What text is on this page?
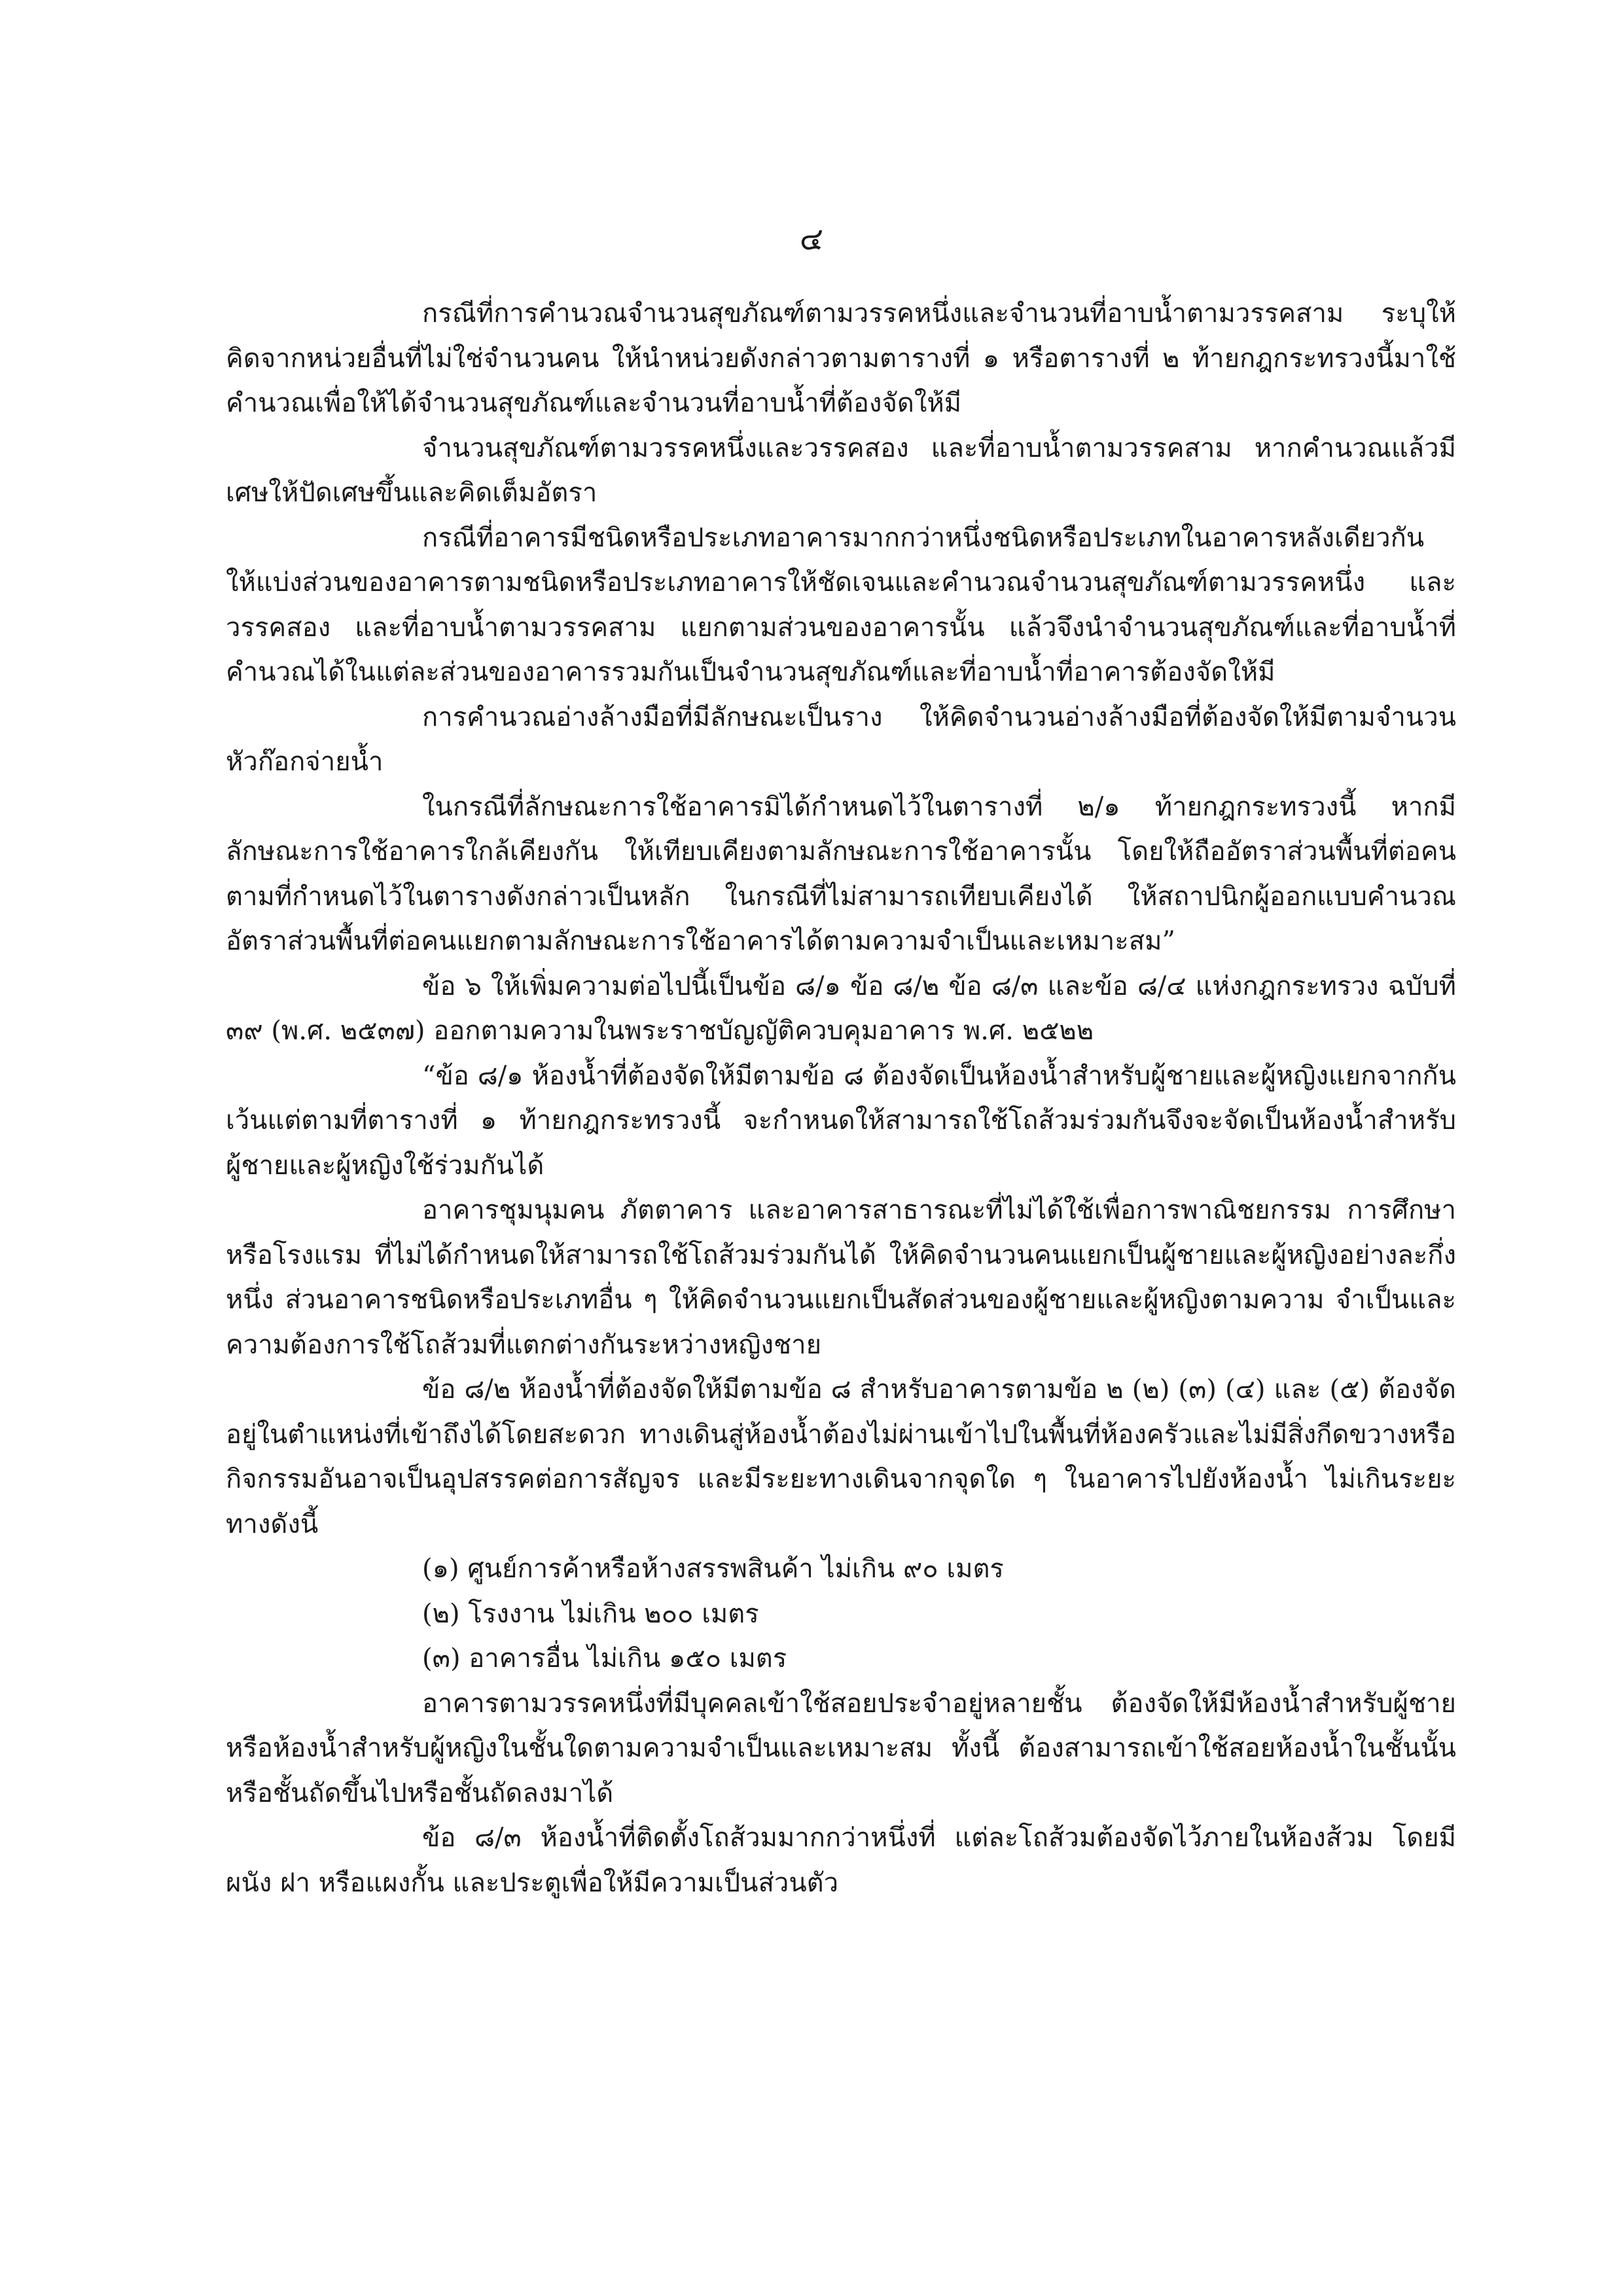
๔

กรณีที่การคำนวณจำนวนสุขภัณฑ์ตามวรรคหนึ่งและจำนวนที่อาบน้ำตามวรรคสาม ระบุให้คิดจากหน่วยอื่นที่ไม่ใช่จำนวนคน ให้นำหน่วยดังกล่าวตามตารางที่ ๑ หรือตารางที่ ๒ ท้ายกฎกระทรวงนี้มาใช้คำนวณเพื่อให้ได้จำนวนสุขภัณฑ์และจำนวนที่อาบน้ำที่ต้องจัดให้มี

จำนวนสุขภัณฑ์ตามวรรคหนึ่งและวรรคสอง และที่อาบน้ำตามวรรคสาม หากคำนวณแล้วมีเศษให้ปัดเศษขึ้นและคิดเต็มอัตรา

กรณีที่อาคารมีชนิดหรือประเภทอาคารมากกว่าหนึ่งชนิดหรือประเภทในอาคารหลังเดียวกัน ให้แบ่งส่วนของอาคารตามชนิดหรือประเภทอาคารให้ชัดเจนและคำนวณจำนวนสุขภัณฑ์ตามวรรคหนึ่ง และวรรคสอง และที่อาบน้ำตามวรรคสาม แยกตามส่วนของอาคารนั้น แล้วจึงนำจำนวนสุขภัณฑ์และที่อาบน้ำที่คำนวณได้ในแต่ละส่วนของอาคารรวมกันเป็นจำนวนสุขภัณฑ์และที่อาบน้ำที่อาคารต้องจัดให้มี

การคำนวณอ่างล้างมือที่มีลักษณะเป็นราง ให้คิดจำนวนอ่างล้างมือที่ต้องจัดให้มีตามจำนวนหัวก๊อกจ่ายน้ำ

ในกรณีที่ลักษณะการใช้อาคารมิได้กำหนดไว้ในตารางที่ ๒/๑ ท้ายกฎกระทรวงนี้ หากมีลักษณะการใช้อาคารใกล้เคียงกัน ให้เทียบเคียงตามลักษณะการใช้อาคารนั้น โดยให้ถืออัตราส่วนพื้นที่ต่อคนตามที่กำหนดไว้ในตารางดังกล่าวเป็นหลัก ในกรณีที่ไม่สามารถเทียบเคียงได้ ให้สถาปนิกผู้ออกแบบคำนวณอัตราส่วนพื้นที่ต่อคนแยกตามลักษณะการใช้อาคารได้ตามความจำเป็นและเหมาะสม”

ข้อ ๖ ให้เพิ่มความต่อไปนี้เป็นข้อ ๘/๑ ข้อ ๘/๒ ข้อ ๘/๓ และข้อ ๘/๔ แห่งกฎกระทรวง ฉบับที่ ๓๙ (พ.ศ. ๒๕๓๗) ออกตามความในพระราชบัญญัติควบคุมอาคาร พ.ศ. ๒๕๒๒

“ข้อ ๘/๑ ห้องน้ำที่ต้องจัดให้มีตามข้อ ๘ ต้องจัดเป็นห้องน้ำสำหรับผู้ชายและผู้หญิงแยกจากกัน เว้นแต่ตามที่ตารางที่ ๑ ท้ายกฎกระทรวงนี้ จะกำหนดให้สามารถใช้โถส้วมร่วมกันจึงจะจัดเป็นห้องน้ำสำหรับผู้ชายและผู้หญิงใช้ร่วมกันได้

อาคารชุมนุมคน ภัตตาคาร และอาคารสาธารณะที่ไม่ได้ใช้เพื่อการพาณิชยกรรม การศึกษา หรือโรงแรม ที่ไม่ได้กำหนดให้สามารถใช้โถส้วมร่วมกันได้ ให้คิดจำนวนคนแยกเป็นผู้ชายและผู้หญิงอย่างละกึ่งหนึ่ง ส่วนอาคารชนิดหรือประเภทอื่น ๆ ให้คิดจำนวนแยกเป็นสัดส่วนของผู้ชายและผู้หญิงตามความ จำเป็นและความต้องการใช้โถส้วมที่แตกต่างกันระหว่างหญิงชาย

ข้อ ๘/๒ ห้องน้ำที่ต้องจัดให้มีตามข้อ ๘ สำหรับอาคารตามข้อ ๒ (๒) (๓) (๔) และ (๕) ต้องจัดอยู่ในตำแหน่งที่เข้าถึงได้โดยสะดวก ทางเดินสู่ห้องน้ำต้องไม่ผ่านเข้าไปในพื้นที่ห้องครัวและไม่มีสิ่งกีดขวางหรือกิจกรรมอันอาจเป็นอุปสรรคต่อการสัญจร และมีระยะทางเดินจากจุดใด ๆ ในอาคารไปยังห้องน้ำ ไม่เกินระยะทางดังนี้

(๑) ศูนย์การค้าหรือห้างสรรพสินค้า ไม่เกิน ๙๐ เมตร

(๒) โรงงาน ไม่เกิน ๒๐๐ เมตร

(๓) อาคารอื่น ไม่เกิน ๑๕๐ เมตร

อาคารตามวรรคหนึ่งที่มีบุคคลเข้าใช้สอยประจำอยู่หลายชั้น ต้องจัดให้มีห้องน้ำสำหรับผู้ชายหรือห้องน้ำสำหรับผู้หญิงในชั้นใดตามความจำเป็นและเหมาะสม ทั้งนี้ ต้องสามารถเข้าใช้สอยห้องน้ำในชั้นนั้นหรือชั้นถัดขึ้นไปหรือชั้นถัดลงมาได้

ข้อ ๘/๓ ห้องน้ำที่ติดตั้งโถส้วมมากกว่าหนึ่งที่ แต่ละโถส้วมต้องจัดไว้ภายในห้องส้วม โดยมีผนัง ฝา หรือแผงกั้น และประตูเพื่อให้มีความเป็นส่วนตัว
